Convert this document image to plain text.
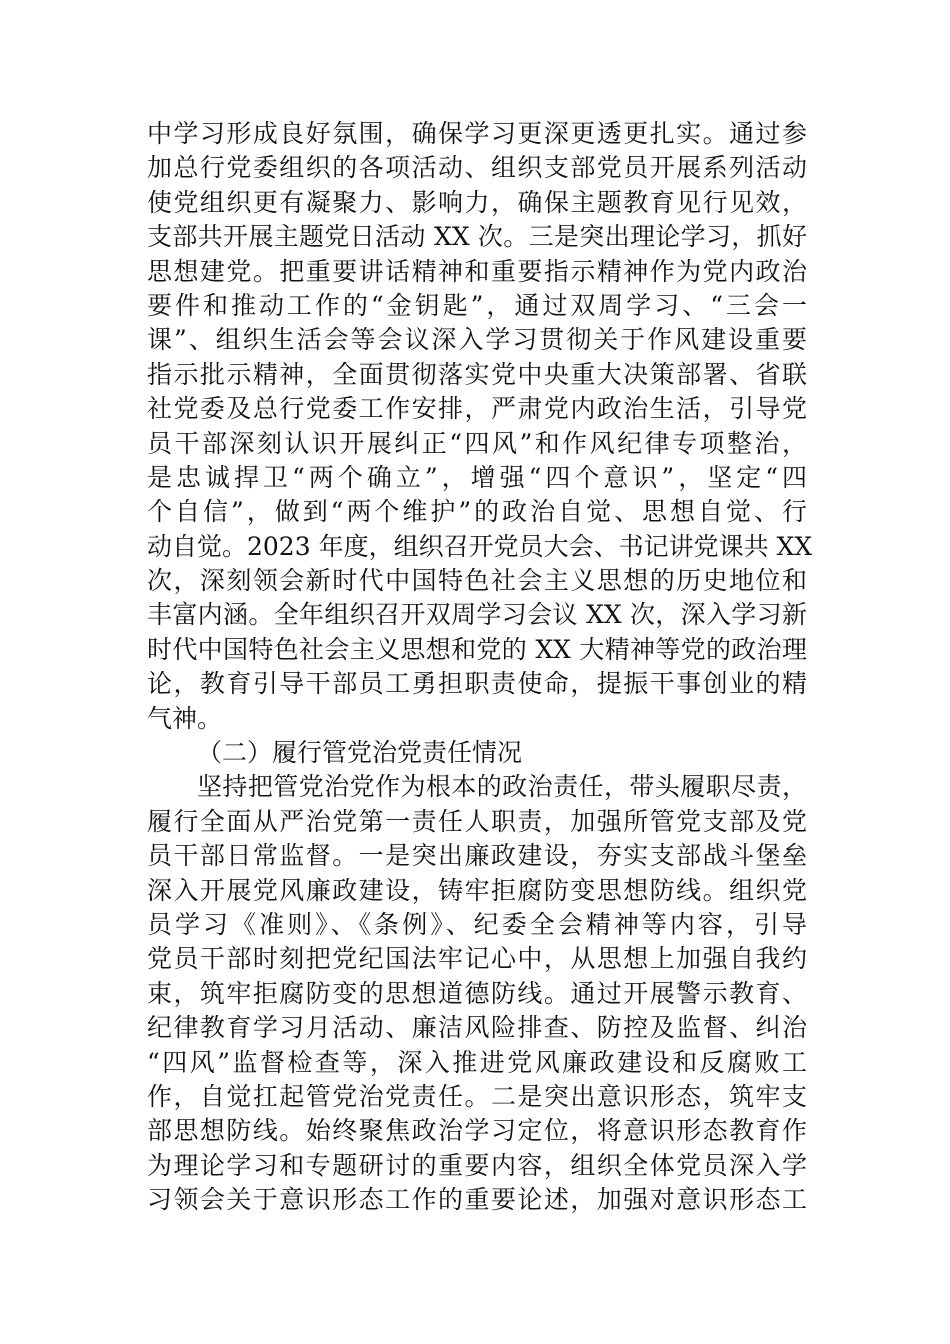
中学习形成良好氛围，确保学习更深更透更扎实。通过参
加总行党委组织的各项活动、组织支部党员开展系列活动
使党组织更有凝聚力、影响力，确保主题教育见行见效，
支部共开展主题党日活动 XX 次。三是突出理论学习，抓好
思想建党。把重要讲话精神和重要指示精神作为党内政治
要件和推动工作的“金钥匙”，通过双周学习、“三会一
课”、组织生活会等会议深入学习贯彻关于作风建设重要
指示批示精神，全面贯彻落实党中央重大决策部署、省联
社党委及总行党委工作安排，严肃党内政治生活，引导党
员干部深刻认识开展纠正“四风”和作风纪律专项整治，
是忠诚捍卫“两个确立”，增强“四个意识”，坚定“四
个自信”，做到“两个维护”的政治自觉、思想自觉、行
动自觉。2023 年度，组织召开党员大会、书记讲党课共 XX
次，深刻领会新时代中国特色社会主义思想的历史地位和
丰富内涵。全年组织召开双周学习会议 XX 次，深入学习新
时代中国特色社会主义思想和党的 XX 大精神等党的政治理
论，教育引导干部员工勇担职责使命，提振干事创业的精
气神。
（二）履行管党治党责任情况
坚持把管党治党作为根本的政治责任，带头履职尽责，
履行全面从严治党第一责任人职责，加强所管党支部及党
员干部日常监督。一是突出廉政建设，夯实支部战斗堡垒
深入开展党风廉政建设，铸牢拒腐防变思想防线。组织党
员学习《准则》、《条例》、纪委全会精神等内容，引导
党员干部时刻把党纪国法牢记心中，从思想上加强自我约
束，筑牢拒腐防变的思想道德防线。通过开展警示教育、
纪律教育学习月活动、廉洁风险排查、防控及监督、纠治
“四风”监督检查等，深入推进党风廉政建设和反腐败工
作，自觉扛起管党治党责任。二是突出意识形态，筑牢支
部思想防线。始终聚焦政治学习定位，将意识形态教育作
为理论学习和专题研讨的重要内容，组织全体党员深入学
习领会关于意识形态工作的重要论述，加强对意识形态工
